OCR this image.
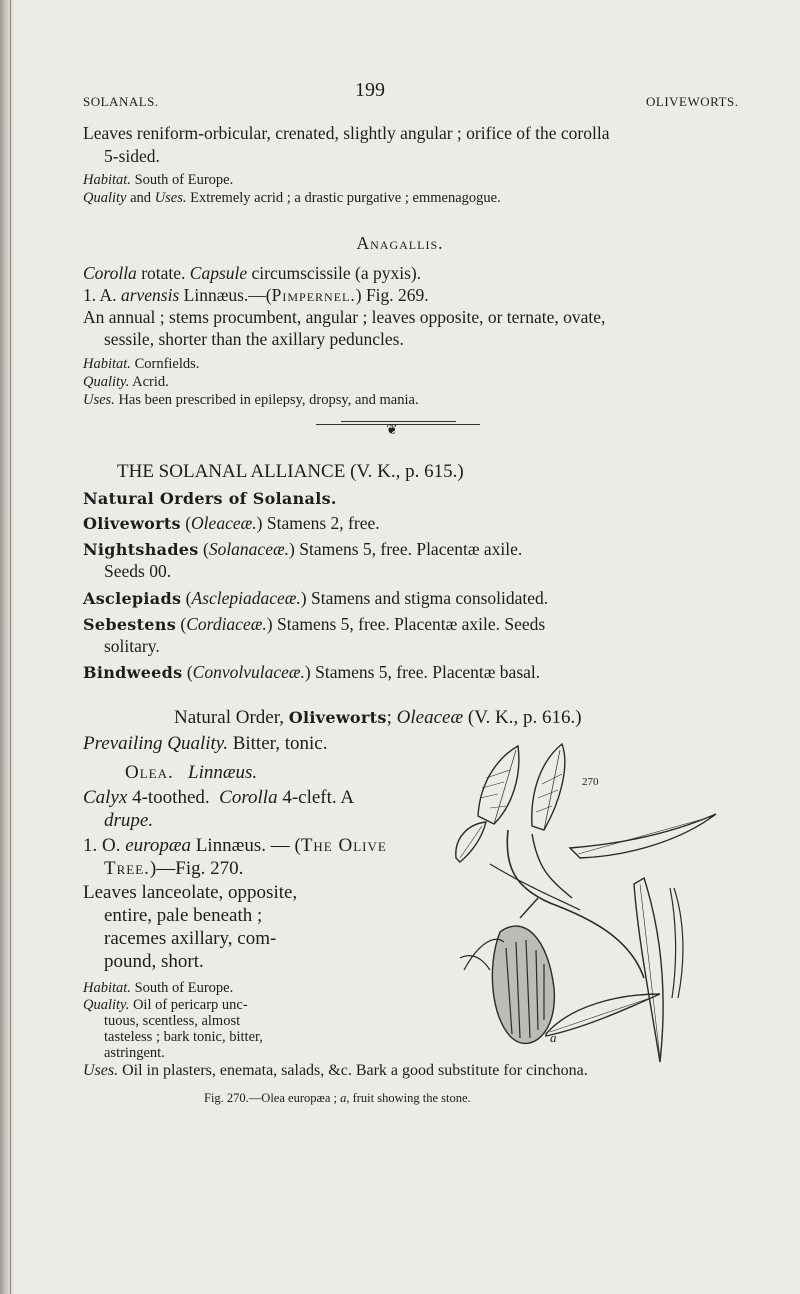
SOLANALS.
199
OLIVEWORTS.
Leaves reniform-orbicular, crenated, slightly angular ; orifice of the corolla
5-sided.
Habitat. South of Europe.
Quality and Uses. Extremely acrid ; a drastic purgative ; emmenagogue.
Anagallis.
Corolla rotate. Capsule circumscissile (a pyxis).
1. A. arvensis Linnæus.—(Pimpernel.) Fig. 269.
An annual ; stems procumbent, angular ; leaves opposite, or ternate, ovate,
sessile, shorter than the axillary peduncles.
Habitat. Cornfields.
Quality. Acrid.
Uses. Has been prescribed in epilepsy, dropsy, and mania.
❦
THE SOLANAL ALLIANCE (V. K., p. 615.)
Natural Orders of Solanals.
Oliveworts (Oleaceæ.) Stamens 2, free.
Nightshades (Solanaceæ.) Stamens 5, free. Placentæ axile.
Seeds 00.
Asclepiads (Asclepiadaceæ.) Stamens and stigma consolidated.
Sebestens (Cordiaceæ.) Stamens 5, free. Placentæ axile. Seeds
solitary.
Bindweeds (Convolvulaceæ.) Stamens 5, free. Placentæ basal.
Natural Order, Oliveworts; Oleaceæ (V. K., p. 616.)
Prevailing Quality. Bitter, tonic.
Olea. Linnæus.
Calyx 4-toothed.  Corolla 4-cleft. A
drupe.
1. O. europæa Linnæus. — (The Olive
Tree.)—Fig. 270.
Leaves lanceolate, opposite,
entire, pale beneath ;
racemes axillary, com-
pound, short.
Habitat. South of Europe.
Quality. Oil of pericarp unc-
tuous, scentless, almost
tasteless ; bark tonic, bitter,
astringent.
Uses. Oil in plasters, enemata, salads, &c. Bark a good substitute for cinchona.
270
a
Fig. 270.—Olea europæa ; a, fruit showing the stone.
